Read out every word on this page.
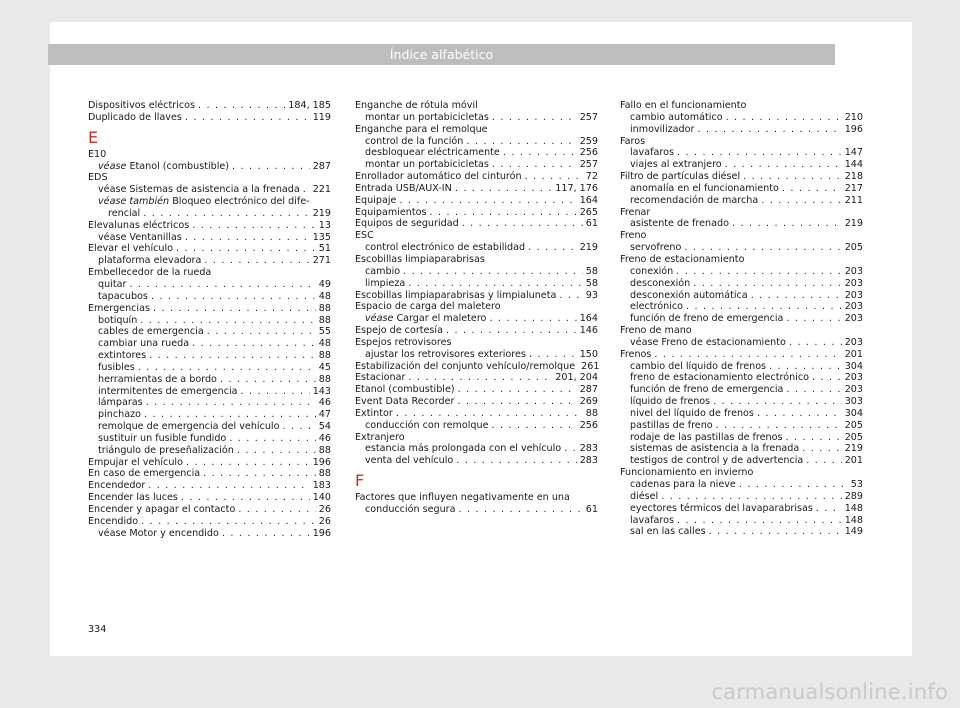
Índice alfabético
Dispositivos eléctricos . . .	184, 185
Duplicado de llaves . . .	119
E
E10
véase Etanol (combustible) . . .	287
EDS
véase Sistemas de asistencia a la frenada . . . 221
véase también Bloqueo electrónico del dife-
rencial . . .	219
Elevalunas eléctricos . . .	13
véase Ventanillas . . .	135
Elevar el vehículo . . .	51
plataforma elevadora . . .	271
Embellecedor de la rueda
quitar . . .	49
tapacubos . . .	48
Emergencias . . .	88
botiquín . . .	88
cables de emergencia . . .	55
cambiar una rueda . . .	48
extintores . . .	88
fusibles . . .	45
herramientas de a bordo . . .	88
intermitentes de emergencia . . .	143
lámparas . . .	46
pinchazo . . .	47
remolque de emergencia del vehículo . . .	54
sustituir un fusible fundido . . .	46
triángulo de preseñalización . . .	88
Empujar el vehículo . . .	196
En caso de emergencia . . .	88
Encendedor . . .	183
Encender las luces . . .	140
Encender y apagar el contacto . . .	26
Encendido . . .	26
véase Motor y encendido . . .	196
Enganche de rótula móvil
montar un portabicicletas . . .	257
Enganche para el remolque
control de la función . . .	259
desbloquear eléctricamente . . .	256
montar un portabicicletas . . .	257
Enrollador automático del cinturón . . .	72
Entrada USB/AUX-IN . . .	117, 176
Equipaje . . .	164
Equipamientos . . .	265
Equipos de seguridad . . .	61
ESC
control electrónico de estabilidad . . .	219
Escobillas limpiaparabrisas
cambio . . .	58
limpieza . . .	58
Escobillas limpiaparabrisas y limpialuneta . . .	93
Espacio de carga del maletero
véase Cargar el maletero . . .	164
Espejo de cortesía . . .	146
Espejos retrovisores
ajustar los retrovisores exteriores . . .	150
Estabilización del conjunto vehículo/remolque 261
Estacionar . . .	201, 204
Etanol (combustible) . . .	287
Event Data Recorder . . .	269
Extintor . . .	88
conducción con remolque . . .	256
Extranjero
estancia más prolongada con el vehículo . . . 283
venta del vehículo . . .	283
F
Factores que influyen negativamente en una
conducción segura . . .	61
Fallo en el funcionamiento
cambio automático . . .	210
inmovilizador . . .	196
Faros
lavafaros . . .	147
viajes al extranjero . . .	144
Filtro de partículas diésel . . .	218
anomalía en el funcionamiento . . .	217
recomendación de marcha . . .	211
Frenar
asistente de frenado . . .	219
Freno
servofreno . . .	205
Freno de estacionamiento
conexión . . .	203
desconexión . . .	203
desconexión automática . . .	203
electrónico . . .	203
función de freno de emergencia . . .	203
Freno de mano
véase Freno de estacionamiento . . .	203
Frenos . . .	201
cambio del líquido de frenos . . .	304
freno de estacionamiento electrónico . . .	203
función de freno de emergencia . . .	203
líquido de frenos . . .	303
nivel del líquido de frenos . . .	304
pastillas de freno . . .	205
rodaje de las pastillas de frenos . . .	205
sistemas de asistencia a la frenada . . .	219
testigos de control y de advertencia . . .	201
Funcionamiento en invierno
cadenas para la nieve . . .	53
diésel . . .	289
eyectores térmicos del lavaparabrisas . . .	148
lavafaros . . .	148
sal en las calles . . .	149
334
carmanualsonline.info
